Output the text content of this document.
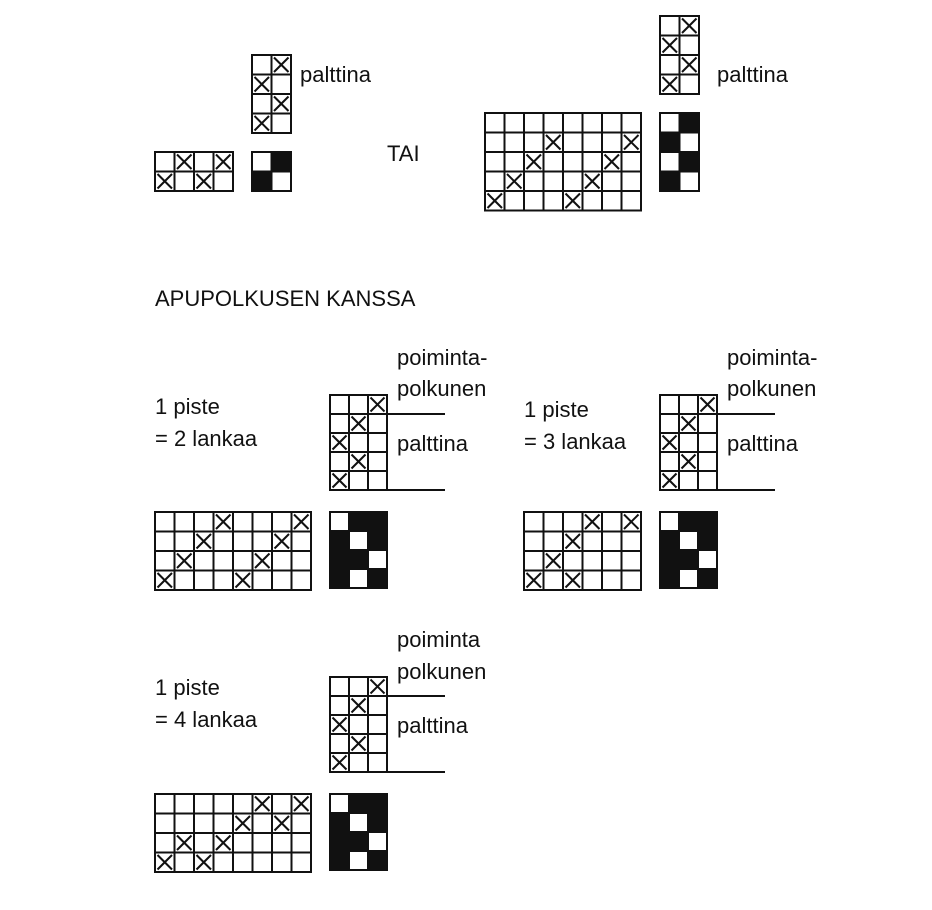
palttina
TAI
palttina
APUPOLKUSEN KANSSA
1 piste
= 2 lankaa
poiminta-
polkunen
palttina
1 piste
= 3 lankaa
poiminta-
polkunen
palttina
1 piste
= 4 lankaa
poiminta
polkunen
palttina
